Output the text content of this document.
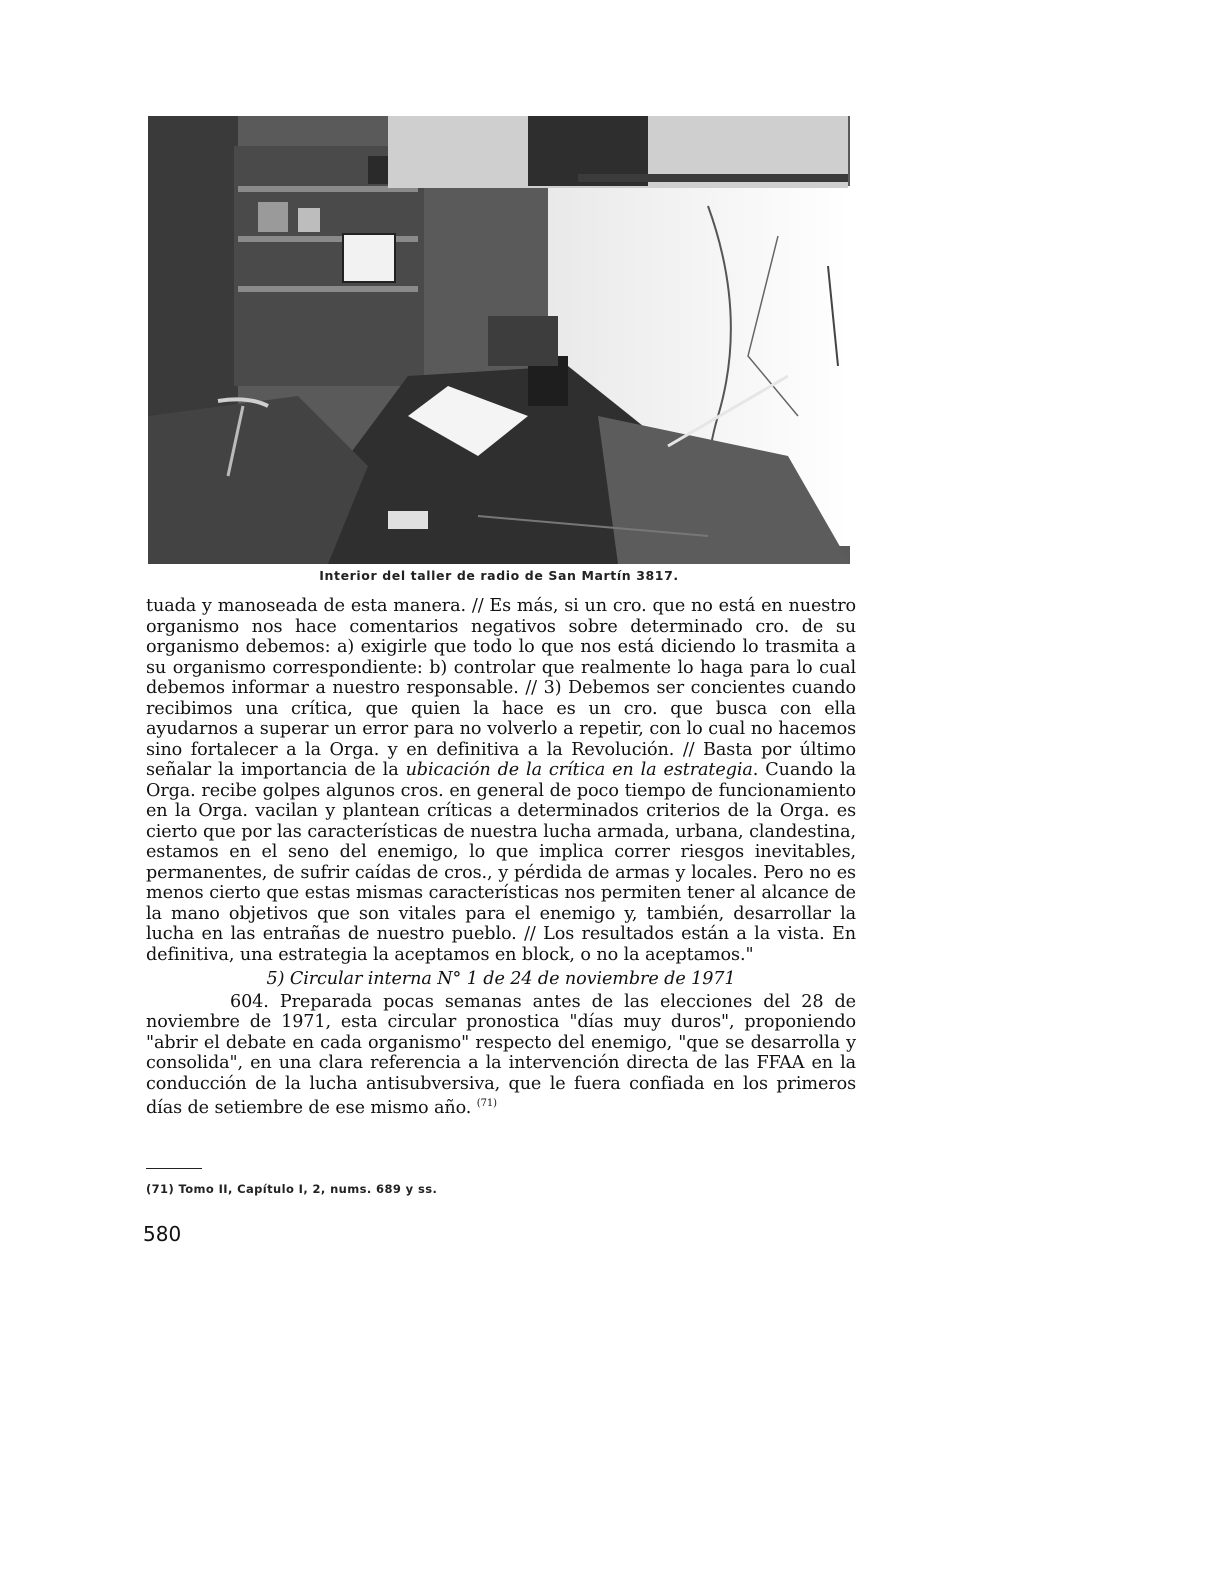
Interior del taller de radio de San Martín 3817.

tuada y manoseada de esta manera. // Es más, si un cro. que no está en nuestro organismo nos hace comentarios negativos sobre determinado cro. de su organismo debemos: a) exigirle que todo lo que nos está diciendo lo trasmita a su organismo correspondiente: b) controlar que realmente lo haga para lo cual debemos informar a nuestro responsable. // 3) Debemos ser concientes cuando recibimos una crítica, que quien la hace es un cro. que busca con ella ayudarnos a superar un error para no volverlo a repetir, con lo cual no hacemos sino fortalecer a la Orga. y en definitiva a la Revolución. // Basta por último señalar la importancia de la ubicación de la crítica en la estrategia. Cuando la Orga. recibe golpes algunos cros. en general de poco tiempo de funcionamiento en la Orga. vacilan y plantean críticas a determinados criterios de la Orga. es cierto que por las características de nuestra lucha armada, urbana, clandestina, estamos en el seno del enemigo, lo que implica correr riesgos inevitables, permanentes, de sufrir caídas de cros., y pérdida de armas y locales. Pero no es menos cierto que estas mismas características nos permiten tener al alcance de la mano objetivos que son vitales para el enemigo y, también, desarrollar la lucha en las entrañas de nuestro pueblo. // Los resultados están a la vista. En definitiva, una estrategia la aceptamos en block, o no la aceptamos."

5) Circular interna N° 1 de 24 de noviembre de 1971

604. Preparada pocas semanas antes de las elecciones del 28 de noviembre de 1971, esta circular pronostica "días muy duros", proponiendo "abrir el debate en cada organismo" respecto del enemigo, "que se desarrolla y consolida", en una clara referencia a la intervención directa de las FFAA en la conducción de la lucha antisubversiva, que le fuera confiada en los primeros días de setiembre de ese mismo año. $^{(71)}$

(71) Tomo II, Capítulo I, 2, nums. 689 y ss.
580
